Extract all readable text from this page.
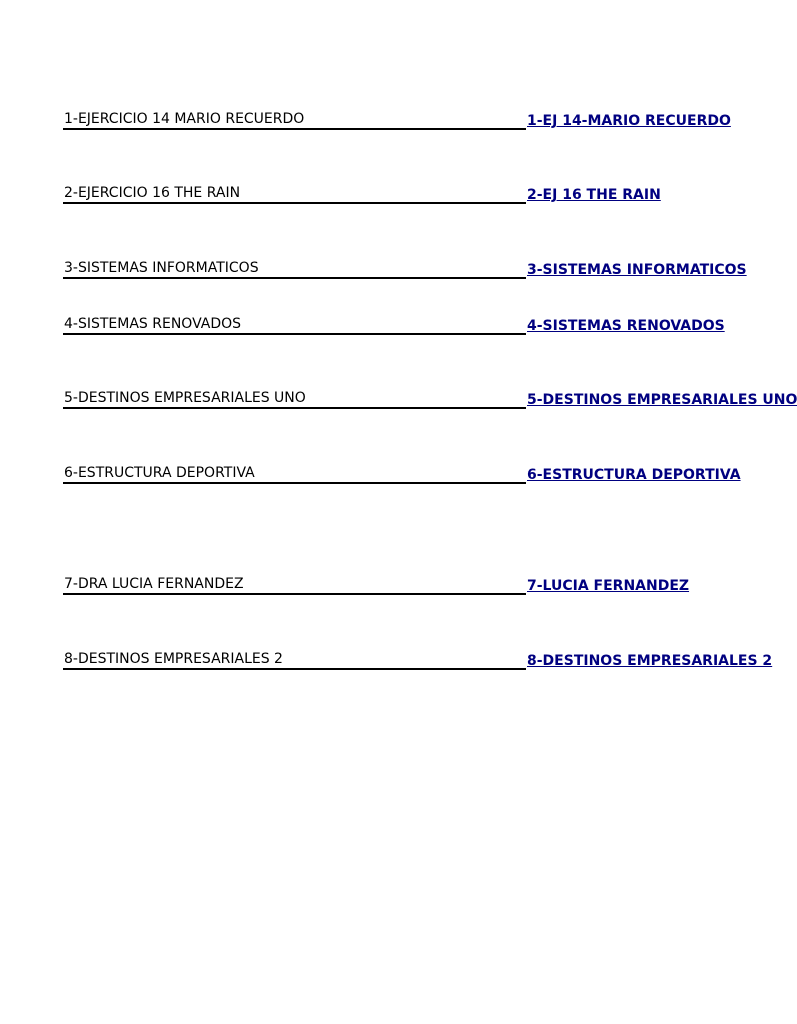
1-EJERCICIO 14 MARIO RECUERDO	1-EJ 14-MARIO RECUERDO
2-EJERCICIO 16 THE RAIN	2-EJ 16 THE RAIN
3-SISTEMAS INFORMATICOS	3-SISTEMAS INFORMATICOS
4-SISTEMAS RENOVADOS	4-SISTEMAS RENOVADOS
5-DESTINOS EMPRESARIALES UNO	5-DESTINOS EMPRESARIALES UNO
6-ESTRUCTURA DEPORTIVA	6-ESTRUCTURA DEPORTIVA
7-DRA LUCIA FERNANDEZ	7-LUCIA FERNANDEZ
8-DESTINOS EMPRESARIALES 2	8-DESTINOS EMPRESARIALES 2
